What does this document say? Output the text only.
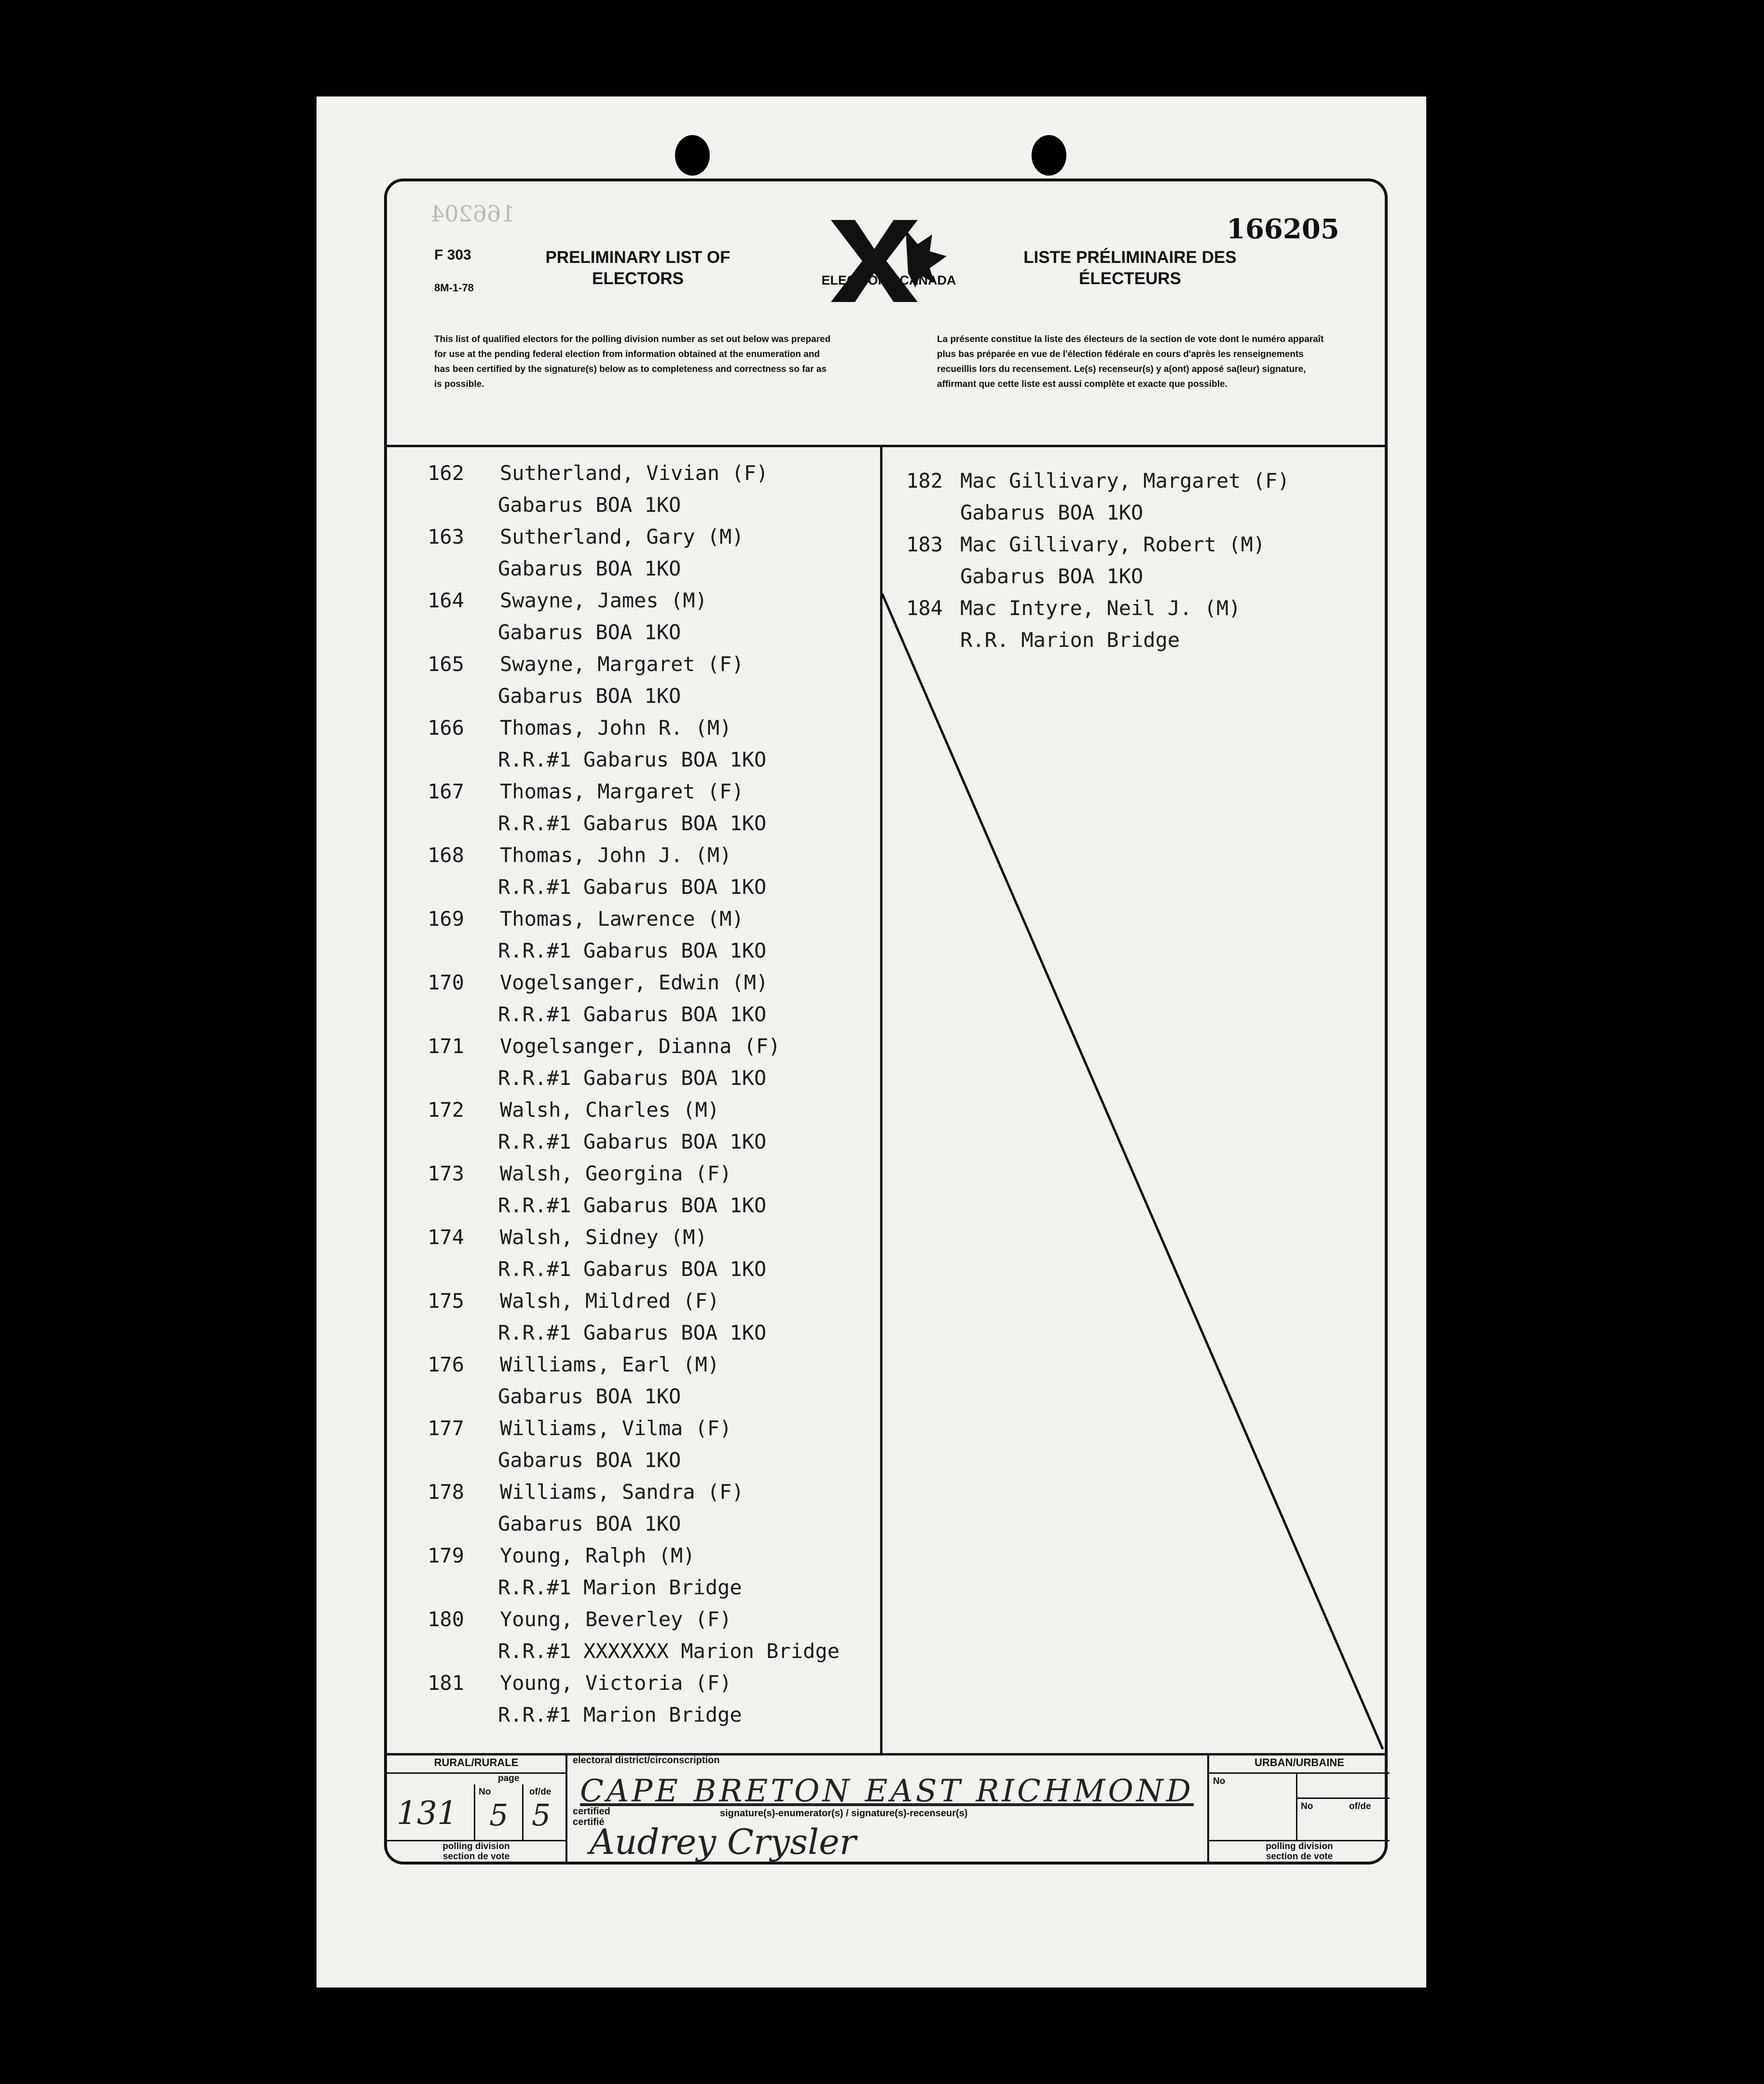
F 303
8M-1-78
PRELIMINARY LIST OF ELECTORS	ELECTIONS CANADA
LISTE PRÉLIMINAIRE DES ÉLECTEURS
166205
166204
This list of qualified electors for the polling division number as set out below was prepared for use at the pending federal election from information obtained at the enumeration and has been certified by the signature(s) below as to completeness and correctness so far as is possible.
La présente constitue la liste des électeurs de la section de vote dont le numéro apparaît plus bas préparée en vue de l'élection fédérale en cours d'après les renseignements recueillis lors du recensement. Le(s) recenseur(s) y a(ont) apposé sa(leur) signature, affirmant que cette liste est aussi complète et exacte que possible.
162 Sutherland, Vivian (F)
Gabarus BOA 1KO
163 Sutherland, Gary (M)
Gabarus BOA 1KO
164 Swayne, James (M)
Gabarus BOA 1KO
165 Swayne, Margaret (F)
Gabarus BOA 1KO
166 Thomas, John R. (M)
R.R.#1 Gabarus BOA 1KO
167 Thomas, Margaret (F)
R.R.#1 Gabarus BOA 1KO
168 Thomas, John J. (M)
R.R.#1 Gabarus BOA 1KO
169 Thomas, Lawrence (M)
R.R.#1 Gabarus BOA 1KO
170 Vogelsanger, Edwin (M)
R.R.#1 Gabarus BOA 1KO
171 Vogelsanger, Dianna (F)
R.R.#1 Gabarus BOA 1KO
172 Walsh, Charles (M)
R.R.#1 Gabarus BOA 1KO
173 Walsh, Georgina (F)
R.R.#1 Gabarus BOA 1KO
174 Walsh, Sidney (M)
R.R.#1 Gabarus BOA 1KO
175 Walsh, Mildred (F)
R.R.#1 Gabarus BOA 1KO
176 Williams, Earl (M)
Gabarus BOA 1KO
177 Williams, Vilma (F)
Gabarus BOA 1KO
178 Williams, Sandra (F)
Gabarus BOA 1KO
179 Young, Ralph (M)
R.R.#1 Marion Bridge
180 Young, Beverley (F)
R.R.#1 XXXXXXX Marion Bridge
181 Young, Victoria (F)
R.R.#1 Marion Bridge
182 Mac Gillivary, Margaret (F)
Gabarus BOA 1KO
183 Mac Gillivary, Robert (M)
Gabarus BOA 1KO
184 Mac Intyre, Neil J. (M)
R.R. Marion Bridge
RURAL/RURALE
page
No	of/de
131 5 5
polling division
section de vote
electoral district/circonscription
CAPE BRETON EAST RICHMOND
certified
certifié
signature(s)-enumerator(s) / signature(s)-recenseur(s)
Audrey Crysler
URBAN/URBAINE
No
No	of/de
polling division
section de vote
